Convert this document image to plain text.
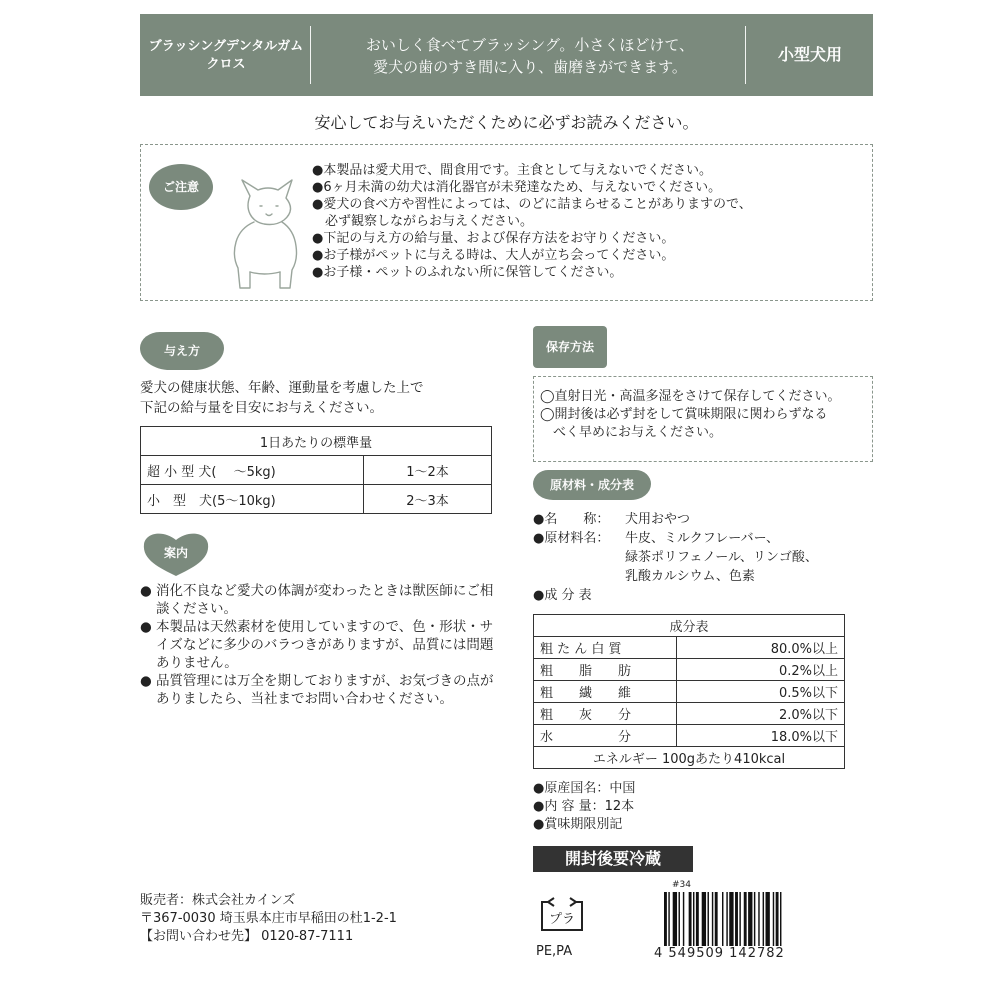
ブラッシングデンタルガム
クロス
おいしく食べてブラッシング。小さくほどけて、
愛犬の歯のすき間に入り、歯磨きができます。
小型犬用
安心してお与えいただくために必ずお読みください。
ご注意
●本製品は愛犬用で、間食用です。主食として与えないでください。
●6ヶ月未満の幼犬は消化器官が未発達なため、与えないでください。
●愛犬の食べ方や習性によっては、のどに詰まらせることがありますので、
　必ず観察しながらお与えください。
●下記の与え方の給与量、および保存方法をお守りください。
●お子様がペットに与える時は、大人が立ち会ってください。
●お子様・ペットのふれない所に保管してください。
与え方
愛犬の健康状態、年齢、運動量を考慮した上で
下記の給与量を目安にお与えください。
1日あたりの標準量	
超 小 型 犬(　 ～5kg)	1～2本
小　型　犬(5～10kg)	2～3本
案内
● 消化不良など愛犬の体調が変わったときは獣医師にご相談ください。
● 本製品は天然素材を使用していますので、色・形状・サイズなどに多少のバラつきがありますが、品質には問題ありません。
● 品質管理には万全を期しておりますが、お気づきの点がありましたら、当社までお問い合わせください。
保存方法
◯直射日光・高温多湿をさけて保存してください。
◯開封後は必ず封をして賞味期限に関わらずなる
　べく早めにお与えください。
原材料・成分表
●名　　称：	犬用おやつ
●原材料名：	牛皮、ミルクフレーバー、
緑茶ポリフェノール、リンゴ酸、
乳酸カルシウム、色素
●成 分 表
成分表	
粗 た ん 白 質	80.0%以上
粗　　脂　　肪	0.2%以上
粗　　繊　　維	0.5%以下
粗　　灰　　分	2.0%以下
水　　　　　分	18.0%以下
エネルギー 100gあたり410kcal	
●原産国名：中国
●内 容 量：12本
●賞味期限別記
開封後要冷蔵
販売者：株式会社カインズ
〒367-0030 埼玉県本庄市早稲田の杜1-2-1
【お問い合わせ先】 0120-87-7111
プラ
PE,PA
#34
4 549509 142782
